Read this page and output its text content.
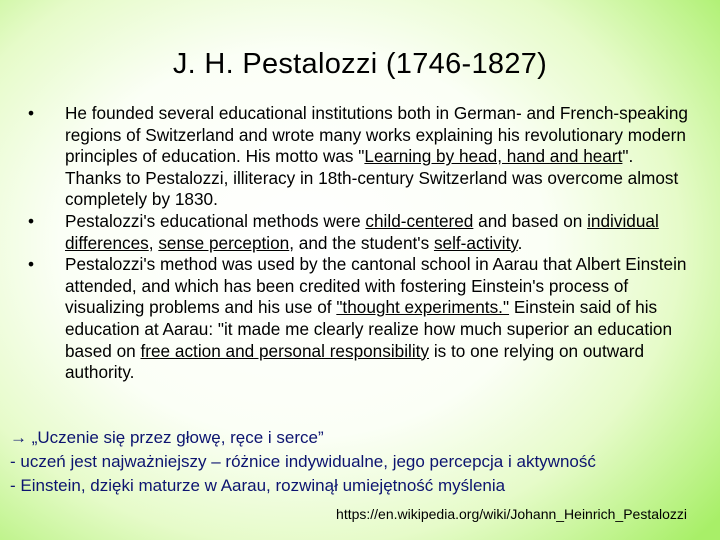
J. H. Pestalozzi (1746-1827)
• He founded several educational institutions both in German- and French-speaking regions of Switzerland and wrote many works explaining his revolutionary modern principles of education. His motto was "Learning by head, hand and heart". Thanks to Pestalozzi, illiteracy in 18th-century Switzerland was overcome almost completely by 1830.
• Pestalozzi's educational methods were child-centered and based on individual differences, sense perception, and the student's self-activity.
• Pestalozzi's method was used by the cantonal school in Aarau that Albert Einstein attended, and which has been credited with fostering Einstein's process of visualizing problems and his use of "thought experiments." Einstein said of his education at Aarau: "it made me clearly realize how much superior an education based on free action and personal responsibility is to one relying on outward authority.
→ „Uczenie się przez głowę, ręce i serce”
- uczeń jest najważniejszy – różnice indywidualne, jego percepcja i aktywność
- Einstein, dzięki maturze w Aarau, rozwinął umiejętność myślenia
https://en.wikipedia.org/wiki/Johann_Heinrich_Pestalozzi
